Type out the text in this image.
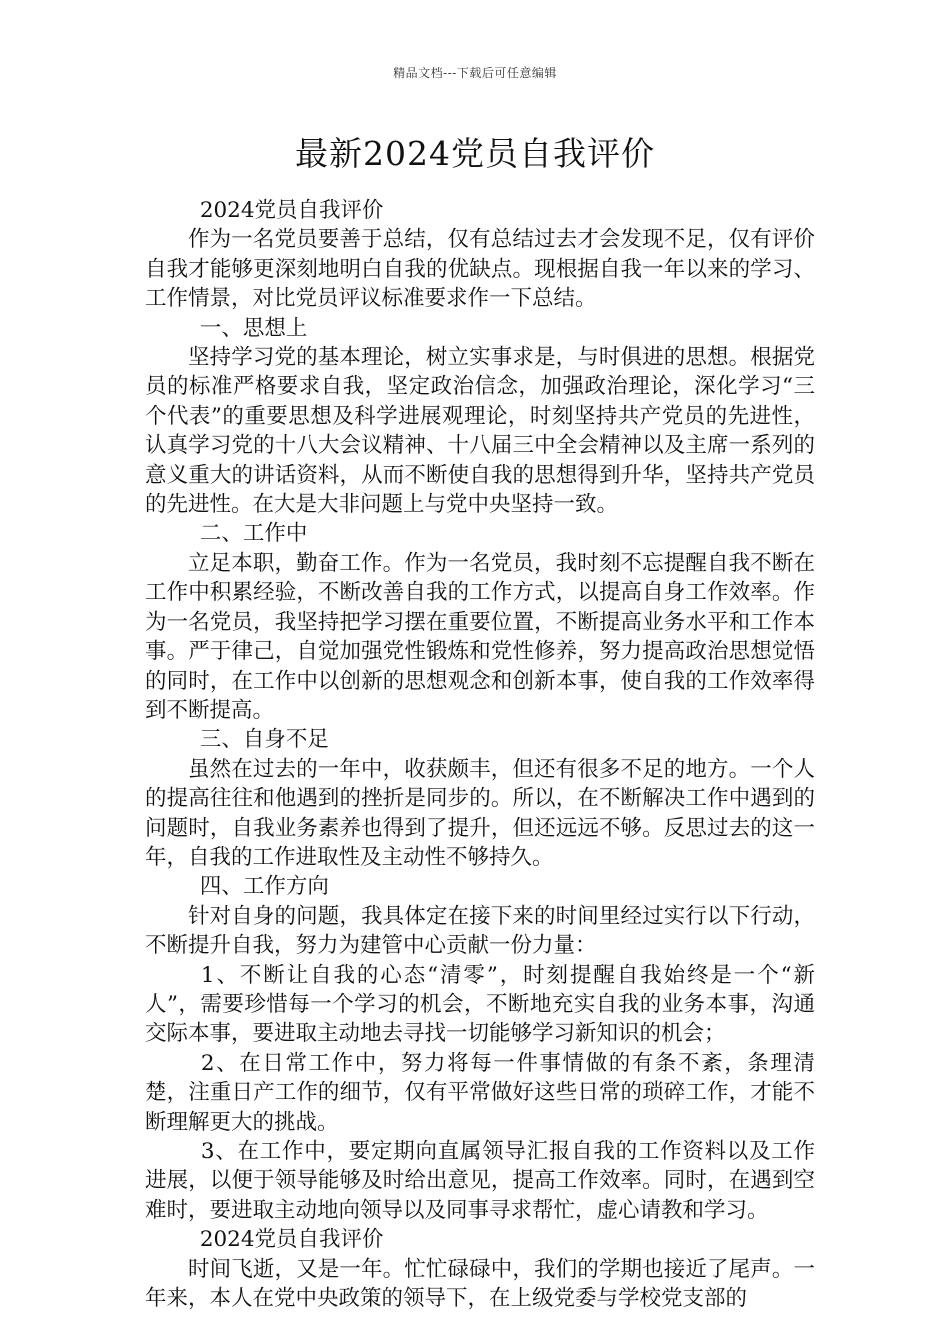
精品文档---下载后可任意编辑
最新2024党员自我评价

2024党员自我评价

作为一名党员要善于总结，仅有总结过去才会发现不足，仅有评价自我才能够更深刻地明白自我的优缺点。现根据自我一年以来的学习、工作情景，对比党员评议标准要求作一下总结。

一、思想上

坚持学习党的基本理论，树立实事求是，与时俱进的思想。根据党员的标准严格要求自我，坚定政治信念，加强政治理论，深化学习“三个代表”的重要思想及科学进展观理论，时刻坚持共产党员的先进性，认真学习党的十八大会议精神、十八届三中全会精神以及主席一系列的意义重大的讲话资料，从而不断使自我的思想得到升华，坚持共产党员的先进性。在大是大非问题上与党中央坚持一致。

二、工作中

立足本职，勤奋工作。作为一名党员，我时刻不忘提醒自我不断在工作中积累经验，不断改善自我的工作方式，以提高自身工作效率。作为一名党员，我坚持把学习摆在重要位置，不断提高业务水平和工作本事。严于律己，自觉加强党性锻炼和党性修养，努力提高政治思想觉悟的同时，在工作中以创新的思想观念和创新本事，使自我的工作效率得到不断提高。

三、自身不足

虽然在过去的一年中，收获颇丰，但还有很多不足的地方。一个人的提高往往和他遇到的挫折是同步的。所以，在不断解决工作中遇到的问题时，自我业务素养也得到了提升，但还远远不够。反思过去的这一年，自我的工作进取性及主动性不够持久。

四、工作方向

针对自身的问题，我具体定在接下来的时间里经过实行以下行动，不断提升自我，努力为建管中心贡献一份力量：

1、不断让自我的心态“清零”，时刻提醒自我始终是一个“新人”，需要珍惜每一个学习的机会，不断地充实自我的业务本事，沟通交际本事，要进取主动地去寻找一切能够学习新知识的机会；

2、在日常工作中，努力将每一件事情做的有条不紊，条理清楚，注重日产工作的细节，仅有平常做好这些日常的琐碎工作，才能不断理解更大的挑战。

3、在工作中，要定期向直属领导汇报自我的工作资料以及工作进展，以便于领导能够及时给出意见，提高工作效率。同时，在遇到空难时，要进取主动地向领导以及同事寻求帮忙，虚心请教和学习。

2024党员自我评价

时间飞逝，又是一年。忙忙碌碌中，我们的学期也接近了尾声。一年来，本人在党中央政策的领导下，在上级党委与学校党支部的
